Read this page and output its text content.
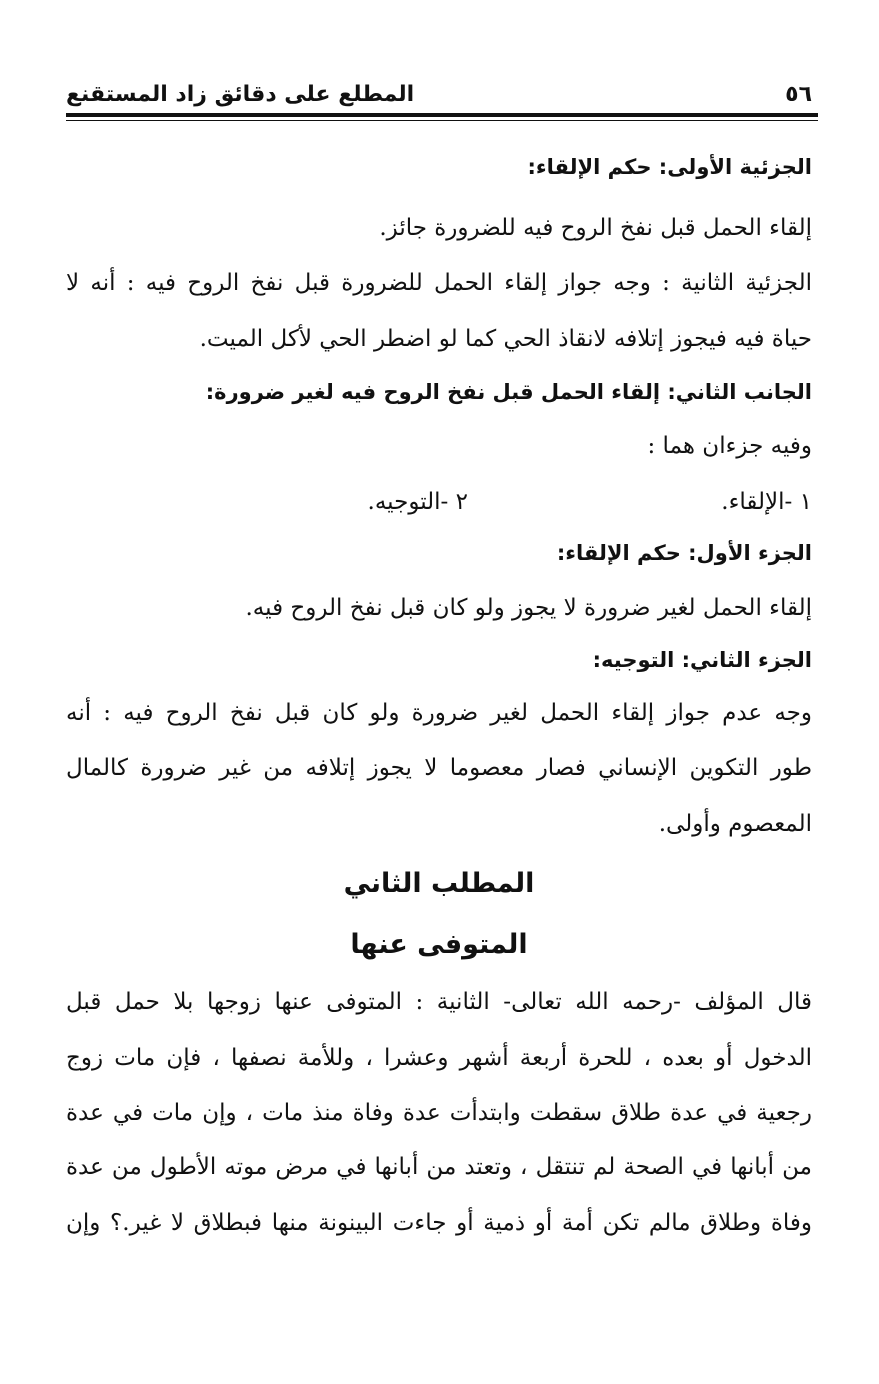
٥٦
المطلع على دقائق زاد المستقنع
الجزئية الأولى: حكم الإلقاء:
إلقاء الحمل قبل نفخ الروح فيه للضرورة جائز.
الجزئية الثانية : وجه جواز إلقاء الحمل للضرورة قبل نفخ الروح فيه : أنه لا
حياة فيه فيجوز إتلافه لانقاذ الحي كما لو اضطر الحي لأكل الميت.
الجانب الثاني: إلقاء الحمل قبل نفخ الروح فيه لغير ضرورة:
وفيه جزءان هما :
١ -الإلقاء.
٢ -التوجيه.
الجزء الأول: حكم الإلقاء:
إلقاء الحمل لغير ضرورة لا يجوز ولو كان قبل نفخ الروح فيه.
الجزء الثاني: التوجيه:
وجه عدم جواز إلقاء الحمل لغير ضرورة ولو كان قبل نفخ الروح فيه : أنه
طور التكوين الإنساني فصار معصوما لا يجوز إتلافه من غير ضرورة كالمال
المعصوم وأولى.
المطلب الثاني
المتوفى عنها
قال المؤلف -رحمه الله تعالى- الثانية : المتوفى عنها زوجها بلا حمل قبل
الدخول أو بعده ، للحرة أربعة أشهر وعشرا ، وللأمة نصفها ، فإن مات زوج
رجعية في عدة طلاق سقطت وابتدأت عدة وفاة منذ مات ، وإن مات في عدة
من أبانها في الصحة لم تنتقل ، وتعتد من أبانها في مرض موته الأطول من عدة
وفاة وطلاق مالم تكن أمة أو ذمية أو جاءت البينونة منها فبطلاق لا غير.؟ وإن
